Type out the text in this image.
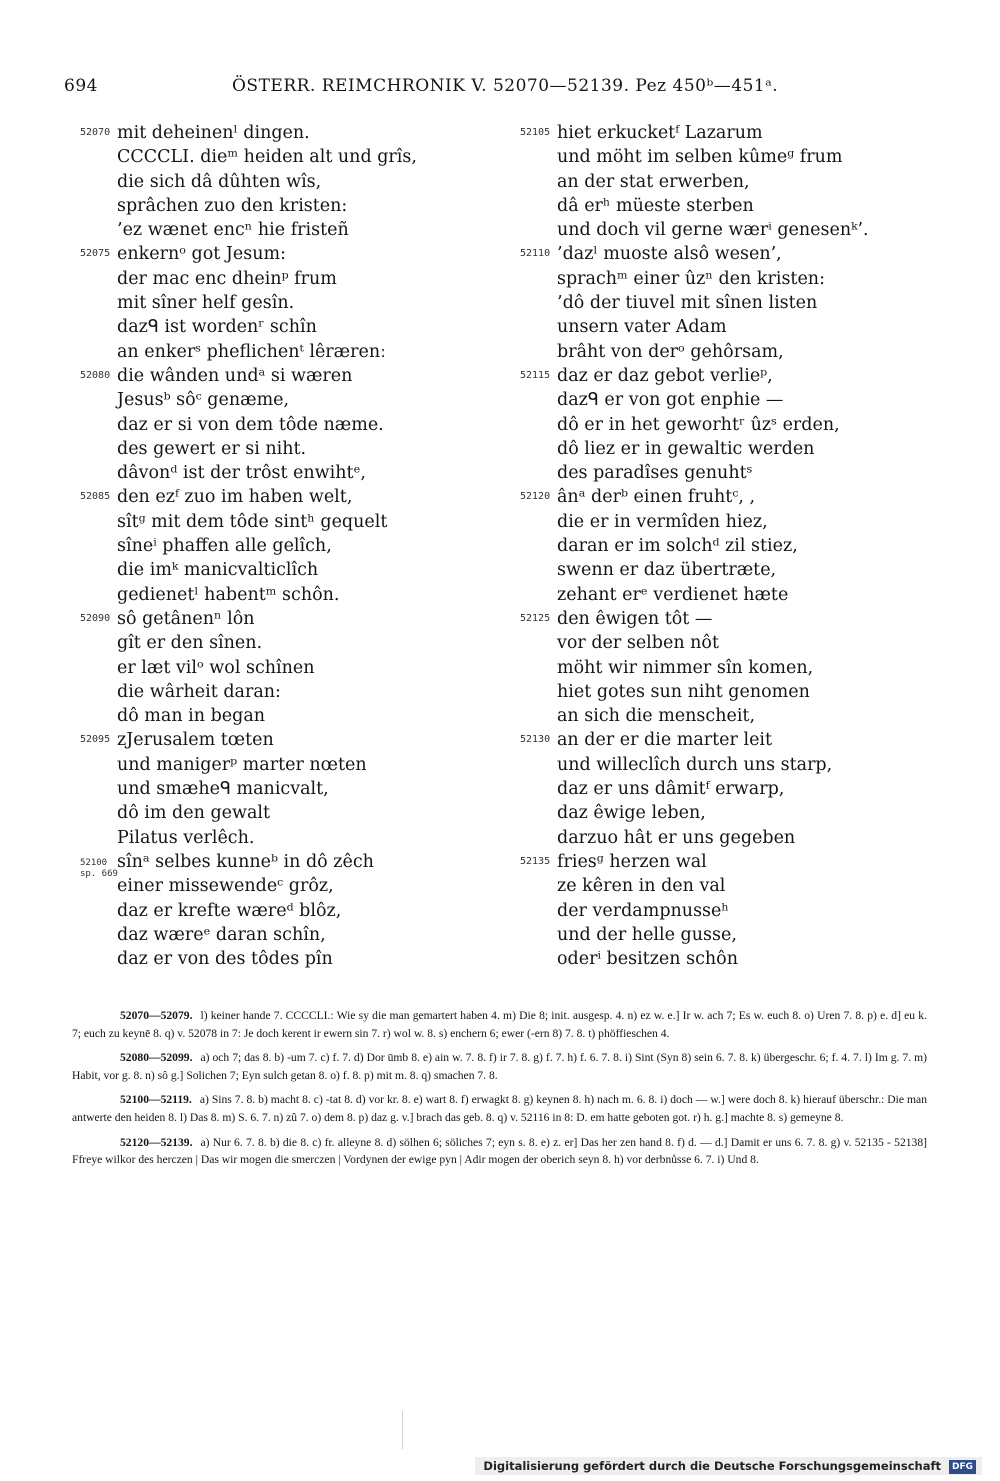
694	ÖSTERR. REIMCHRONIK V. 52070—52139. Pez 450ᵇ—451ᵃ.
52070 mit deheinenˡ dingen.
CCCCLI. dieᵐ heiden alt und grîs,
die sich dâ dûhten wîs,
sprâchen zuo den kristen:
’ez wænet encⁿ hie fristeñ
52075 enkernᵒ got Jesum:
der mac enc dheinᵖ frum
mit sîner helf gesîn.
dazᑫ ist wordenʳ schîn
an enkerˢ pheflichenᵗ lêrærenː
52080 die wânden undᵃ si wæren
Jesusᵇ sôᶜ genæme,
daz er si von dem tôde næme.
des gewert er si niht.
dâvonᵈ ist der trôst enwihtᵉ,
52085 den ezᶠ zuo im haben welt,
sîtᵍ mit dem tôde sintʰ gequelt
sîneⁱ phaffen alle gelîch,
die imᵏ manicvalticlîch
gedienetˡ habentᵐ schôn.
52090 sô getânenⁿ lôn
gît er den sînen.
er læt vilᵒ wol schînen
die wârheit daran:
dô man in began
52095 zJerusalem tœten
und manigerᵖ marter nœten
und smæheᑫ manicvalt,
dô im den gewalt
Pilatus verlêch.
52100
sp. 669
sînᵃ selbes kunneᵇ in dô zêch
einer missewendeᶜ grôz,
daz er krefte wæreᵈ blôz,
daz wæreᵉ daran schîn,
daz er von des tôdes pîn
52105 hiet erkucketᶠ Lazarum
und möht im selben kûmeᵍ frum
an der stat erwerben,
dâ erʰ müeste sterben
und doch vil gerne wærⁱ genesenᵏ’.
52110 ’dazˡ muoste alsô wesen’,
sprachᵐ einer ûzⁿ den kristen:
’dô der tiuvel mit sînen listen
unsern vater Adam
brâht von derᵒ gehôrsam,
52115 daz er daz gebot verlieᵖ,
dazᑫ er von got enphie —
dô er in het geworhtʳ ûzˢ erden,
dô liez er in gewaltic werden
des paradîses genuhtˢ
52120 ânᵃ derᵇ einen fruhtᶜ, ,
die er in vermîden hiez,
daran er im solchᵈ zil stiez,
swenn er daz übertræte,
zehant erᵉ verdienet hæte
52125 den êwigen tôt —
vor der selben nôt
möht wir nimmer sîn komen,
hiet gotes sun niht genomen
an sich die menscheit,
52130 an der er die marter leit
und willeclîch durch uns starp,
daz er uns dâmitᶠ erwarp,
daz êwige leben,
darzuo hât er uns gegeben
52135 friesᵍ herzen wal
ze kêren in den val
der verdampnusseʰ
und der helle gusse,
oderⁱ besitzen schôn
52070—52079. l) keiner hande 7. CCCCLI.: Wie sy die man gemartert haben 4. m) Die 8; init. ausgesp. 4. n) ez w. e.] Ir w. ach 7; Es w. euch 8. o) Uren 7. 8. p) e. d] eu k. 7; euch zu keynē 8. q) v. 52078 in 7: Je doch kerent ir ewern sin 7. r) wol w. 8. s) enchern 6; ewer (-ern 8) 7. 8. t) phöffieschen 4.
52080—52099. a) och 7; das 8. b) -um 7. c) f. 7. d) Dor ūmb 8. e) ain w. 7. 8. f) ir 7. 8. g) f. 7. h) f. 6. 7. 8. i) Sint (Syn 8) sein 6. 7. 8. k) übergeschr. 6; f. 4. 7. l) Im g. 7. m) Habit, vor g. 8. n) sô g.] Solichen 7; Eyn sulch getan 8. o) f. 8. p) mit m. 8. q) smachen 7. 8.
52100—52119. a) Sins 7. 8. b) macht 8. c) -tat 8. d) vor kr. 8. e) wart 8. f) erwagkt 8. g) keynen 8. h) nach m. 6. 8. i) doch — w.] were doch 8. k) hierauf überschr.: Die man antwerte den heiden 8. l) Das 8. m) S. 6. 7. n) zû 7. o) dem 8. p) daz g. v.] brach das geb. 8. q) v. 52116 in 8: D. em hatte geboten got. r) h. g.] machte 8. s) gemeyne 8.
52120—52139. a) Nur 6. 7. 8. b) die 8. c) fr. alleyne 8. d) sölhen 6; söliches 7; eyn s. 8. e) z. er] Das her zen hand 8. f) d. — d.] Damit er uns 6. 7. 8. g) v. 52135 - 52138] Ffreye wilkor des herczen | Das wir mogen die smerczen | Vordynen der ewige pyn | Adir mogen der oberich seyn 8. h) vor derbnůsse 6. 7. i) Und 8.
Digitalisierung gefördert durch die Deutsche Forschungsgemeinschaft DFG
